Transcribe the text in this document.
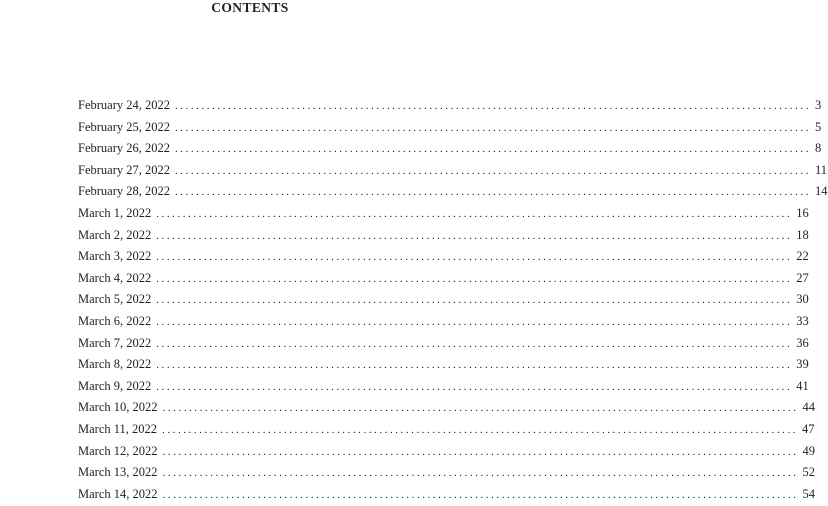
CONTENTS
February 24, 2022 ........................................................................................................................ 3
February 25, 2022 ........................................................................................................................ 5
February 26, 2022 ........................................................................................................................ 8
February 27, 2022 ........................................................................................................................ 11
February 28, 2022 ........................................................................................................................ 14
March 1, 2022 ........................................................................................................................ 16
March 2, 2022 ........................................................................................................................ 18
March 3, 2022 ........................................................................................................................ 22
March 4, 2022 ........................................................................................................................ 27
March 5, 2022 ........................................................................................................................ 30
March 6, 2022 ........................................................................................................................ 33
March 7, 2022 ........................................................................................................................ 36
March 8, 2022 ........................................................................................................................ 39
March 9, 2022 ........................................................................................................................ 41
March 10, 2022 ........................................................................................................................ 44
March 11, 2022 ........................................................................................................................ 47
March 12, 2022 ........................................................................................................................ 49
March 13, 2022 ........................................................................................................................ 52
March 14, 2022 ........................................................................................................................ 54
